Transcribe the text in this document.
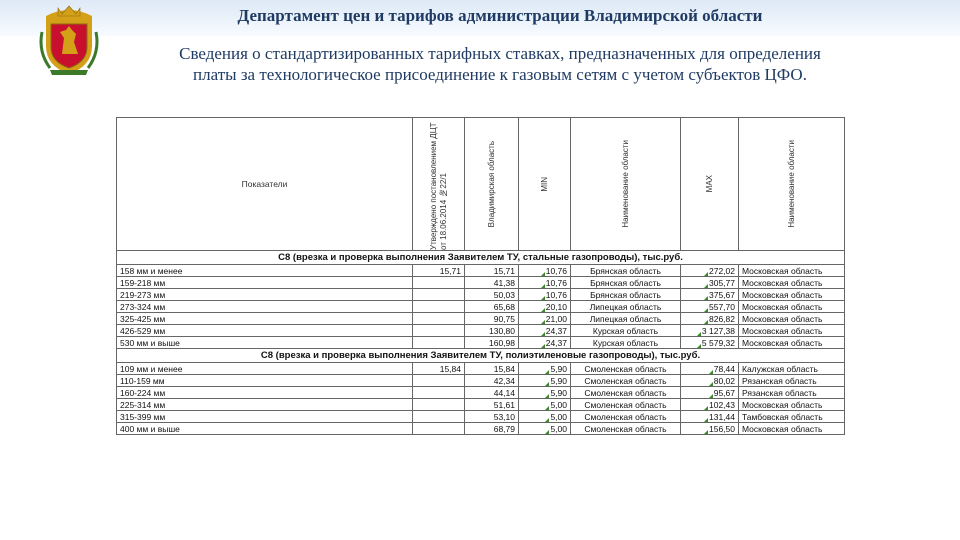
Департамент цен и тарифов администрации Владимирской области
Сведения о стандартизированных тарифных ставках, предназначенных для определения
платы за технологическое присоединение к газовым сетям с учетом субъектов ЦФО.
Показатели	Утверждено постановлением ДЦТ от 18.06.2014 №22/1	Владимирская область	MIN	Наименование области	MAX	Наименование области

C8 (врезка и проверка выполнения Заявителем ТУ, стальные газопроводы), тыс.руб.						
158 мм и менее	15,71	15,71	10,76	Брянская область	272,02	Московская область
159-218 мм		41,38	10,76	Брянская область	305,77	Московская область
219-273 мм		50,03	10,76	Брянская область	375,67	Московская область
273-324 мм		65,68	20,10	Липецкая область	557,70	Московская область
325-425 мм		90,75	21,00	Липецкая область	826,82	Московская область
426-529 мм		130,80	24,37	Курская область	3 127,38	Московская область
530 мм и выше		160,98	24,37	Курская область	5 579,32	Московская область
C8 (врезка и проверка выполнения Заявителем ТУ, полиэтиленовые газопроводы), тыс.руб.						
109 мм и менее	15,84	15,84	5,90	Смоленская область	78,44	Калужская область
110-159 мм		42,34	5,90	Смоленская область	80,02	Рязанская область
160-224 мм		44,14	5,90	Смоленская область	95,67	Рязанская область
225-314 мм		51,61	5,00	Смоленская область	102,43	Московская область
315-399 мм		53,10	5,00	Смоленская область	131,44	Тамбовская область
400 мм и выше		68,79	5,00	Смоленская область	156,50	Московская область
